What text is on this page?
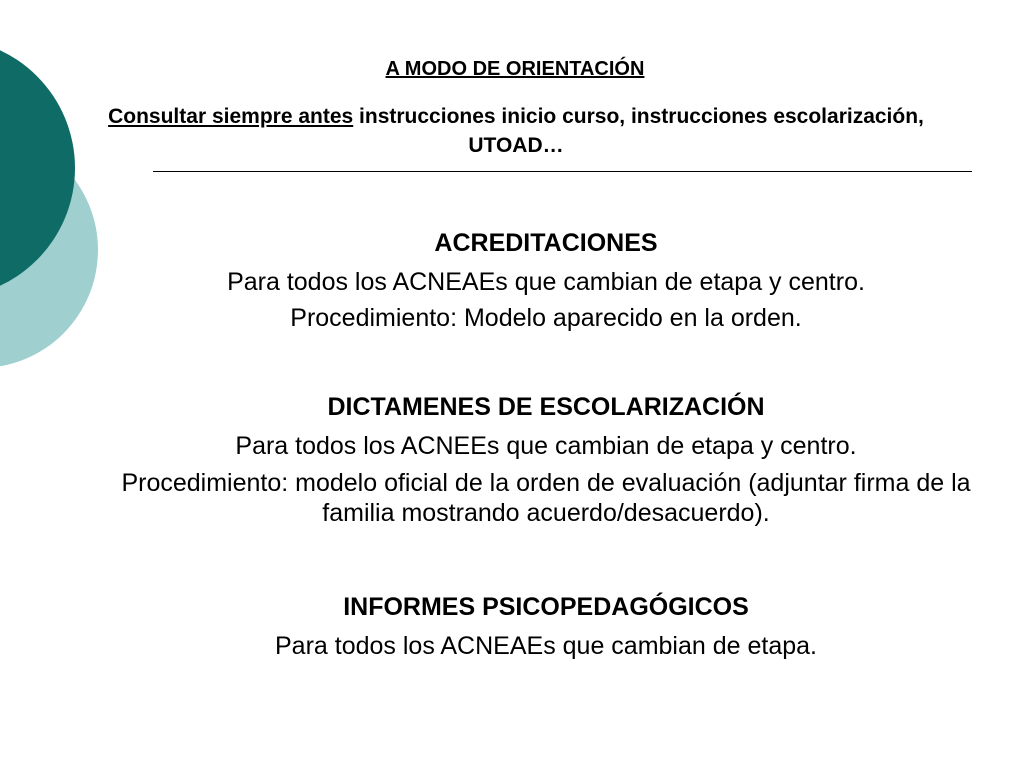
A MODO DE ORIENTACIÓN
Consultar siempre antes instrucciones inicio curso, instrucciones escolarización, UTOAD…
ACREDITACIONES

Para todos los ACNEAEs que cambian de etapa y centro.

Procedimiento: Modelo aparecido en la orden.

DICTAMENES DE ESCOLARIZACIÓN

Para todos los ACNEEs que cambian de etapa y centro.

Procedimiento: modelo oficial de la orden de evaluación (adjuntar firma de la familia mostrando acuerdo/desacuerdo).

INFORMES PSICOPEDAGÓGICOS

Para todos los ACNEAEs que cambian de etapa.
